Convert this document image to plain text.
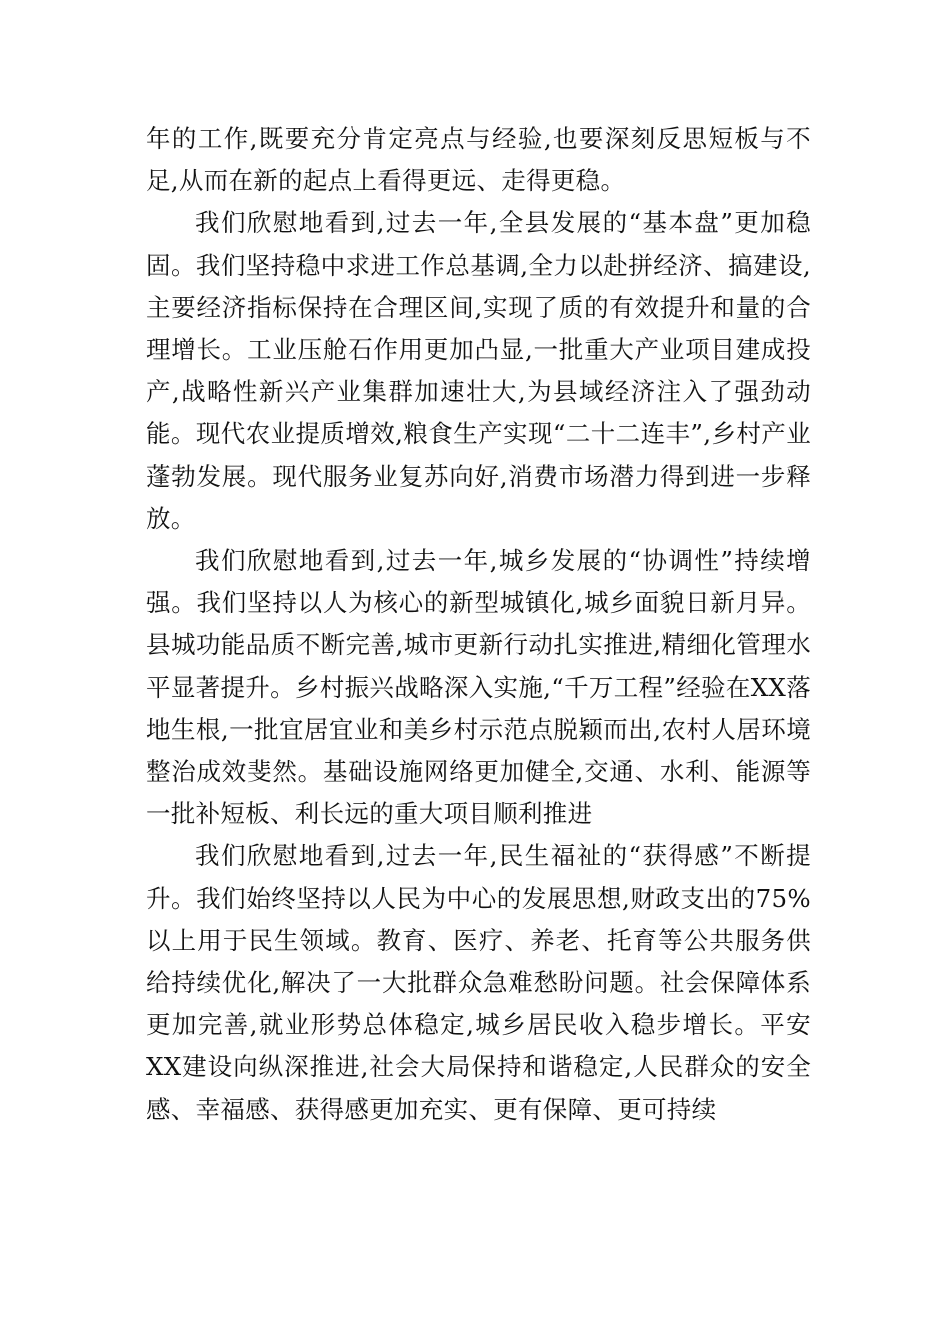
年的工作,既要充分肯定亮点与经验,也要深刻反思短板与不足,从而在新的起点上看得更远、走得更稳。

我们欣慰地看到,过去一年,全县发展的“基本盘”更加稳固。我们坚持稳中求进工作总基调,全力以赴拼经济、搞建设,主要经济指标保持在合理区间,实现了质的有效提升和量的合理增长。工业压舱石作用更加凸显,一批重大产业项目建成投产,战略性新兴产业集群加速壮大,为县域经济注入了强劲动能。现代农业提质增效,粮食生产实现“二十二连丰”,乡村产业蓬勃发展。现代服务业复苏向好,消费市场潜力得到进一步释放。

我们欣慰地看到,过去一年,城乡发展的“协调性”持续增强。我们坚持以人为核心的新型城镇化,城乡面貌日新月异。县城功能品质不断完善,城市更新行动扎实推进,精细化管理水平显著提升。乡村振兴战略深入实施,“千万工程”经验在XX落地生根,一批宜居宜业和美乡村示范点脱颖而出,农村人居环境整治成效斐然。基础设施网络更加健全,交通、水利、能源等一批补短板、利长远的重大项目顺利推进

我们欣慰地看到,过去一年,民生福祉的“获得感”不断提升。我们始终坚持以人民为中心的发展思想,财政支出的75%以上用于民生领域。教育、医疗、养老、托育等公共服务供给持续优化,解决了一大批群众急难愁盼问题。社会保障体系更加完善,就业形势总体稳定,城乡居民收入稳步增长。平安XX建设向纵深推进,社会大局保持和谐稳定,人民群众的安全感、幸福感、获得感更加充实、更有保障、更可持续
